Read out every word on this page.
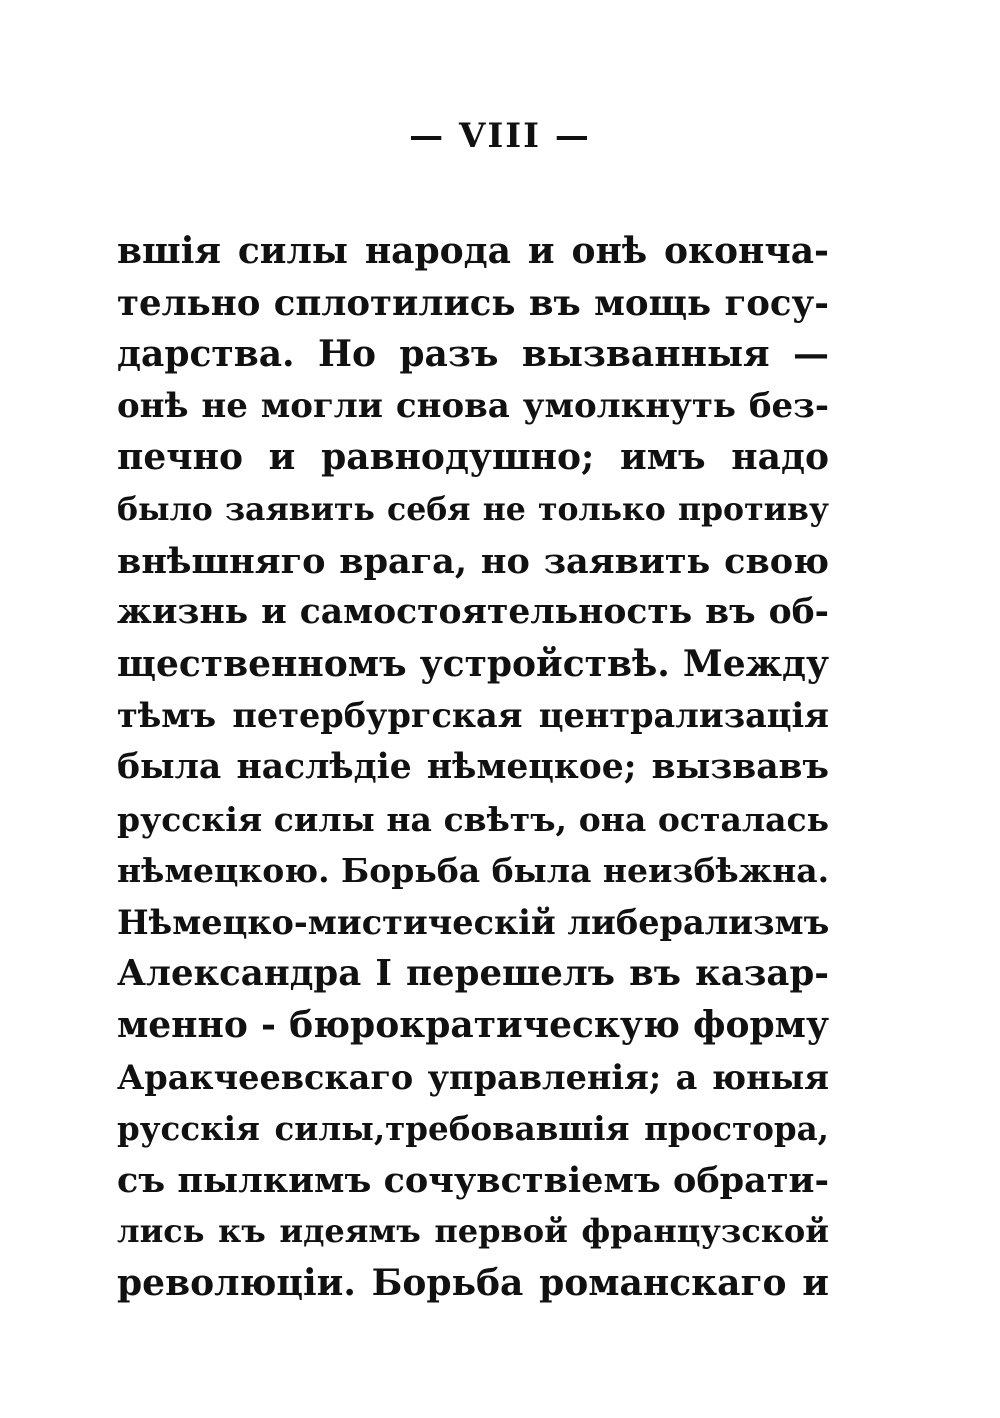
— VIII —
вшія силы народа и онѣ оконча-
тельно сплотились въ мощь госу-
дарства. Но разъ вызванныя —
онѣ не могли снова умолкнуть без-
печно и равнодушно; имъ надо
было заявить себя не только противу
внѣшняго врага, но заявить свою
жизнь и самостоятельность въ об-
щественномъ устройствѣ. Между
тѣмъ петербургская централизація
была наслѣдіе нѣмецкое; вызвавъ
русскія силы на свѣтъ, она осталась
нѣмецкою. Борьба была неизбѣжна.
Нѣмецко-мистическій либерализмъ
Александра I перешелъ въ казар-
менно - бюрократическую форму
Аракчеевскаго управленія; а юныя
русскія силы,требовавшія простора,
съ пылкимъ сочувствіемъ обрати-
лись къ идеямъ первой французской
революціи. Борьба романскаго и
